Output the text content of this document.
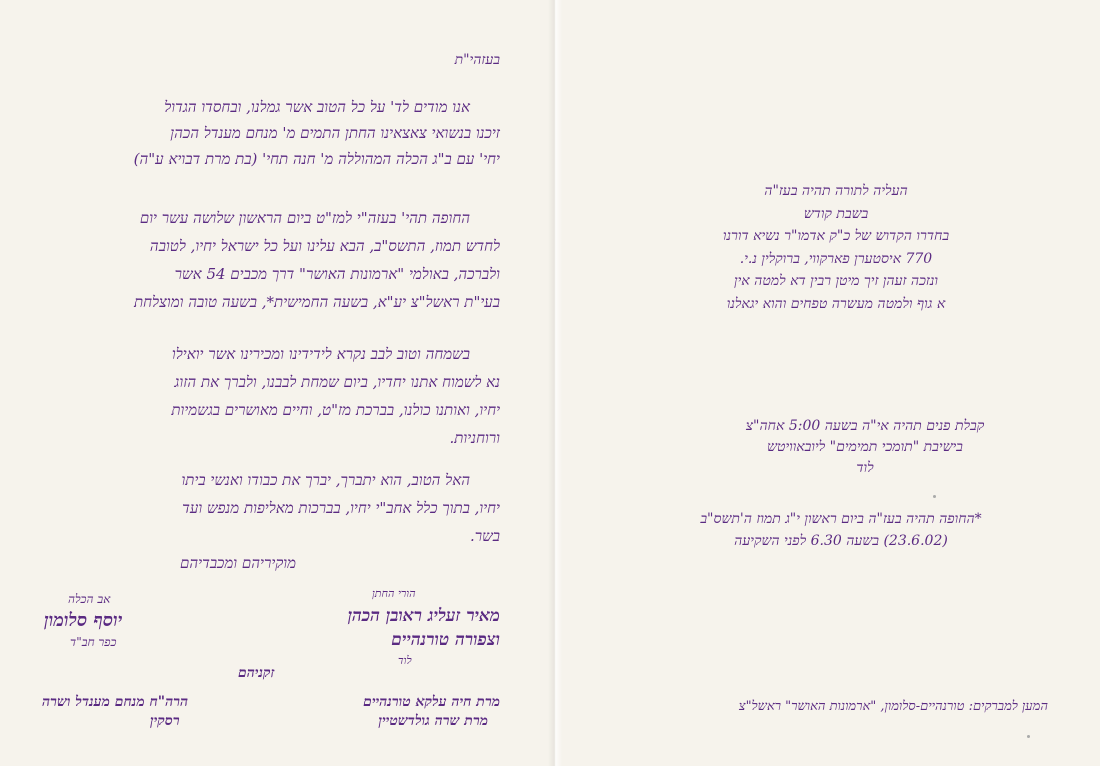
בעזהי"ת

אנו מודים לד' על כל הטוב אשר גמלנו, ובחסדו הגדול

זיכנו בנשואי צאצאינו החתן התמים מ' מנחם מענדל הכהן

יחי' עם ב"ג הכלה המהוללה מ' חנה תחי' (בת מרת דבויא ע"ה)

החופה תהי' בעזה"י למז"ט ביום הראשון שלושה עשר יום

לחדש תמוז, התשס"ב, הבא עלינו ועל כל ישראל יחיו, לטובה

ולברכה, באולמי "ארמונות האושר" דרך מכבים 54 אשר

בעי"ת ראשל"צ יע"א, בשעה החמישית*, בשעה טובה ומוצלחת

בשמחה וטוב לבב נקרא לידידינו ומכירינו אשר יואילו

נא לשמוח אתנו יחדיו, ביום שמחת לבבנו, ולברך את הזוג

יחיו, ואותנו כולנו, בברכת מז"ט, וחיים מאושרים בגשמיות

ורוחניות.

האל הטוב, הוא יתברך, יברך את כבודו ואנשי ביתו

יחיו, בתוך כלל אחב"י יחיו, בברכות מאליפות מנפש ועד

בשר.

מוקיריהם ומכבדיהם
הורי החתן
מאיר זעליג ראובן הכהן
וצפורה טורנהיים
לוד
אב הכלה
יוסף סלומון
כפר חב"ד
זקניהם
מרת חיה עלקא טורנהיים
מרת שרה גולדשטיין
הרה"ח מנחם מענדל ושרה
רסקין

העליה לתורה תהיה בעז"ה

בשבת קודש

בחדרו הקדוש של כ"ק אדמו"ר נשיא דורנו

770 איסטערן פארקווי, ברוקלין נ.י.

ונזכה זעהן זיך מיטן רבין דא למטה אין

א גוף ולמטה מעשרה טפחים והוא יגאלנו

קבלת פנים תהיה אי"ה בשעה 5:00 אחה"צ

בישיבת "תומכי תמימים" ליובאוויטש

לוד

*החופה תהיה בעז"ה ביום ראשון י"ג תמוז ה'תשס"ב

(23.6.02) בשעה 6.30 לפני השקיעה

המען למברקים: טורנהיים-סלומון, "ארמונות האושר" ראשל"צ
